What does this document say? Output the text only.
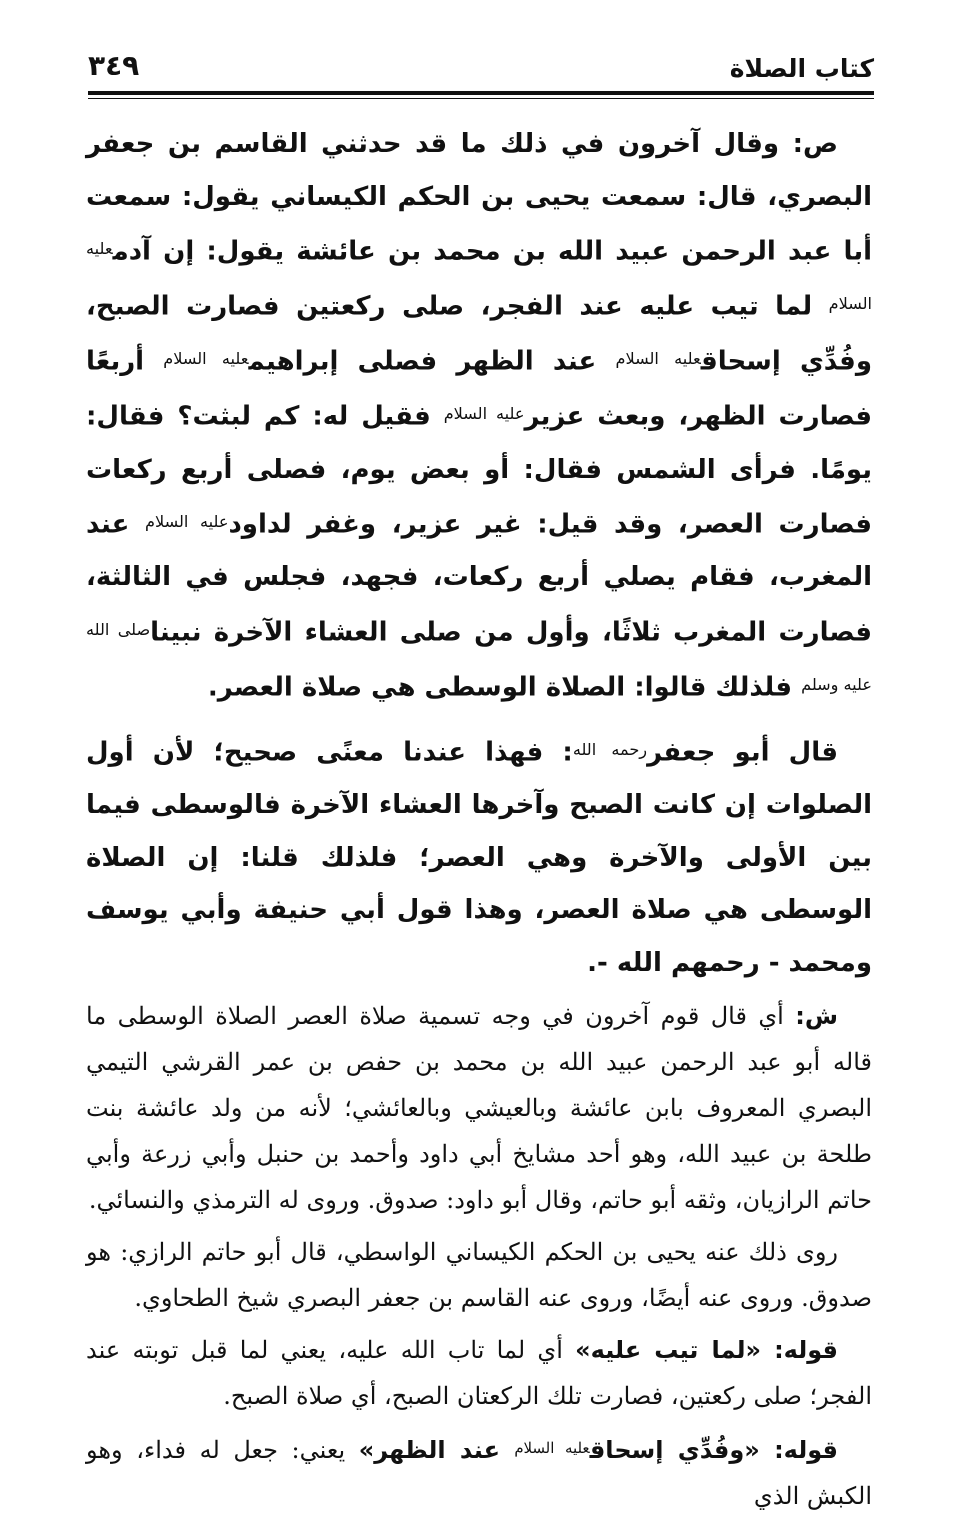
كتاب الصلاة
٣٤٩

ص: وقال آخرون في ذلك ما قد حدثني القاسم بن جعفر البصري، قال: سمعت يحيى بن الحكم الكيساني يقول: سمعت أبا عبد الرحمن عبيد الله بن محمد بن عائشة يقول: إن آدم$^{عليه السلام}$ لما تيب عليه عند الفجر، صلى ركعتين فصارت الصبح، وفُدِّي إسحاق$^{عليه السلام}$ عند الظهر فصلى إبراهيم$^{عليه السلام}$ أربعًا فصارت الظهر، وبعث عزير$^{عليه السلام}$ فقيل له: كم لبثت؟ فقال: يومًا. فرأى الشمس فقال: أو بعض يوم، فصلى أربع ركعات فصارت العصر، وقد قيل: غير عزير، وغفر لداود$^{عليه السلام}$ عند المغرب، فقام يصلي أربع ركعات، فجهد، فجلس في الثالثة، فصارت المغرب ثلاثًا، وأول من صلى العشاء الآخرة نبينا$^{صلى الله عليه وسلم}$ فلذلك قالوا: الصلاة الوسطى هي صلاة العصر.

قال أبو جعفر$^{رحمه الله}$: فهذا عندنا معنًى صحيح؛ لأن أول الصلوات إن كانت الصبح وآخرها العشاء الآخرة فالوسطى فيما بين الأولى والآخرة وهي العصر؛ فلذلك قلنا: إن الصلاة الوسطى هي صلاة العصر، وهذا قول أبي حنيفة وأبي يوسف ومحمد - رحمهم الله -.

ش: أي قال قوم آخرون في وجه تسمية صلاة العصر الصلاة الوسطى ما قاله أبو عبد الرحمن عبيد الله بن محمد بن حفص بن عمر القرشي التيمي البصري المعروف بابن عائشة وبالعيشي وبالعائشي؛ لأنه من ولد عائشة بنت طلحة بن عبيد الله، وهو أحد مشايخ أبي داود وأحمد بن حنبل وأبي زرعة وأبي حاتم الرازيان، وثقه أبو حاتم، وقال أبو داود: صدوق. وروى له الترمذي والنسائي.

روى ذلك عنه يحيى بن الحكم الكيساني الواسطي، قال أبو حاتم الرازي: هو صدوق. وروى عنه أيضًا، وروى عنه القاسم بن جعفر البصري شيخ الطحاوي.

قوله: «لما تيب عليه» أي لما تاب الله عليه، يعني لما قبل توبته عند الفجر؛ صلى ركعتين، فصارت تلك الركعتان الصبح، أي صلاة الصبح.

قوله: «وفُدِّي إسحاق$^{عليه السلام}$ عند الظهر» يعني: جعل له فداء، وهو الكبش الذي
